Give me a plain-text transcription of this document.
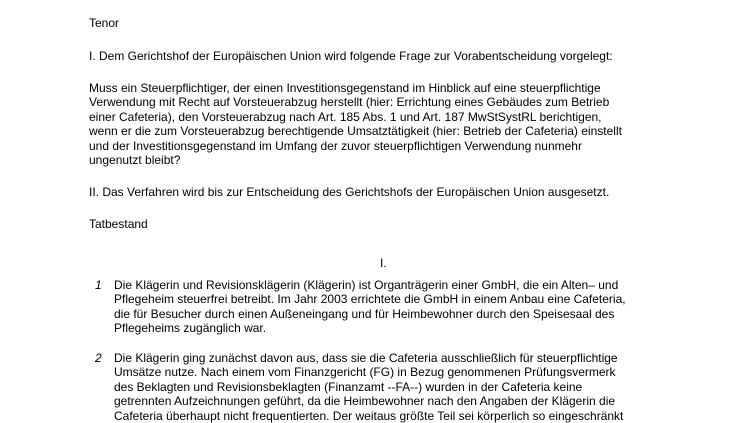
Tenor

I. Dem Gerichtshof der Europäischen Union wird folgende Frage zur Vorabentscheidung vorgelegt:

Muss ein Steuerpflichtiger, der einen Investitionsgegenstand im Hinblick auf eine steuerpflichtige
Verwendung mit Recht auf Vorsteuerabzug herstellt (hier: Errichtung eines Gebäudes zum Betrieb
einer Cafeteria), den Vorsteuerabzug nach Art. 185 Abs. 1 und Art. 187 MwStSystRL berichtigen,
wenn er die zum Vorsteuerabzug berechtigende Umsatztätigkeit (hier: Betrieb der Cafeteria) einstellt
und der Investitionsgegenstand im Umfang der zuvor steuerpflichtigen Verwendung nunmehr
ungenutzt bleibt?

II. Das Verfahren wird bis zur Entscheidung des Gerichtshofs der Europäischen Union ausgesetzt.

Tatbestand

I.

1 Die Klägerin und Revisionsklägerin (Klägerin) ist Organträgerin einer GmbH, die ein Alten– und
Pflegeheim steuerfrei betreibt. Im Jahr 2003 errichtete die GmbH in einem Anbau eine Cafeteria,
die für Besucher durch einen Außeneingang und für Heimbewohner durch den Speisesaal des
Pflegeheims zugänglich war.
2 Die Klägerin ging zunächst davon aus, dass sie die Cafeteria ausschließlich für steuerpflichtige
Umsätze nutze. Nach einem vom Finanzgericht (FG) in Bezug genommenen Prüfungsvermerk
des Beklagten und Revisionsbeklagten (Finanzamt --FA--) wurden in der Cafeteria keine
getrennten Aufzeichnungen geführt, da die Heimbewohner nach den Angaben der Klägerin die
Cafeteria überhaupt nicht frequentierten. Der weitaus größte Teil sei körperlich so eingeschränkt
